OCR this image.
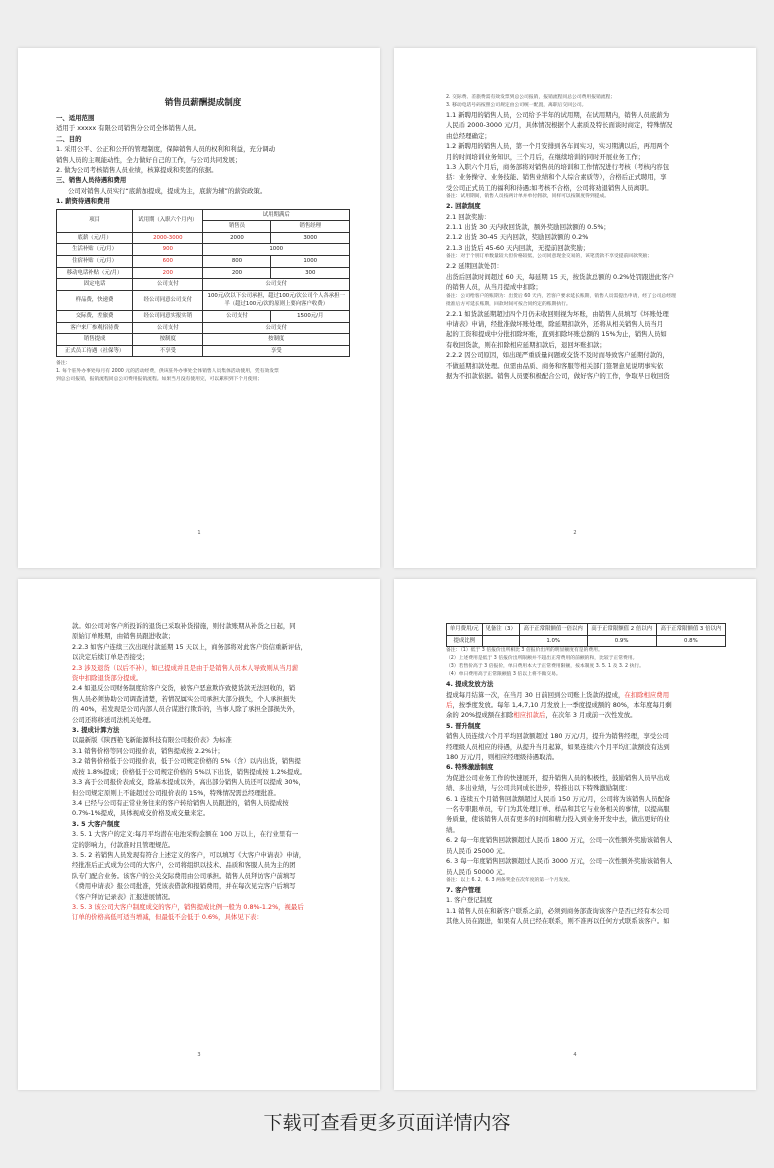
销售员薪酬提成制度

一、适用范围

适用于 xxxxx 有限公司销售分公司全体销售人员。

二、目的

1. 采用公平、公正和公开的管理制度，保障销售人员的权利和利益，充分调动

销售人员的主观能动性，全力做好自己的工作，与公司共同发展；

2. 做为公司考核销售人员业绩，核算提成和奖惩的依据。

三、销售人员待遇和费用

公司对销售人员实行“底薪加提成，提成为主，底薪为辅”的薪资政策。

1. 薪资待遇和费用

项目	试用期（入职六个月内）	试用期满后	
		销售员	销售经理
底薪（元/月）	2000-3000	2000	3000
生活补贴（元/月）	900	1000	
住宿补贴（元/月）	600	800	1000
移动电话补贴（元/月）	200	200	300
固定电话	公司支付	公司支付	
样品费，快递费	经公司同意公司支付	100元/次以下公司承担，超过100元/次公司个人各承担一半（超过100元/次的原则上要向客户收费）	
交际费，差旅费	经公司同意实报实销	公司支付	1500元/月
客户来厂参观招待费	公司支付	公司支付	
销售提成	按制度	按制度	
正式员工待遇（社保等）	不享受	享受	

备注：

1. 每个驻外办事处每月有 2000 元的活动经费，供该驻外办事处全体销售人员集体活动使用，凭有效发票

到总公司报销，报销流程同总公司费用报销流程。如果当月没有使用完，可以累积到下个月使用；

1

2. 交际费、差旅费需有效发票到总公司报销，报销流程同总公司费用报销流程；

3. 移动电话号码按照公司规定由公司统一配置，离职后交回公司。

1.1 新聘用的销售人员，公司给予半年的试用期，在试用期内，销售人员底薪为

人民币 2000-3000 元/月，具体情况根据个人素质及特长面谈时商定，特殊情况

由总经理确定；

1.2 新聘用的销售人员，第一个月安排到各车间实习，实习期满以后，再用两个

月的时间培训业务知识，三个月后，在继续培训的同时开展业务工作；

1.3 入职六个月后，商务部将对销售员的培训和工作情况进行考核（考核内容包

括：业务操守、业务技能、销售业绩和个人综合素质等），合格后正式聘用，享

受公司正式员工的福利和待遇;如考核不合格，公司将劝退销售人员离职。

备注：试用期间，销售人员按两计单并单付佣款，同样可以按制度得到提成。

2. 回款制度

2.1 回款奖励：

2.1.1 出货 30 天内收回货款，额外奖励回款额的 0.5%；

2.1.2 出货 30-45 天内回款，奖励回款额的 0.2%

2.1.3 出货后 45-60 天内回款，无提前回款奖励；

备注：对于个别订单数量较大但价格较低，公司同意现金交易的，该笔货款不享受提前回款奖励；

2.2 延期回款处罚：

出货后回款时间超过 60 天，每延期 15 天，按货款总额的 0.2%处罚跟进此客户

的销售人员，从当月提成中扣除；

备注：公司给客户的账期为：出货后 60 天内，若客户要求延长账期，销售人员需提出申请，经了公司总经理

批准后方可延长账期，回款时间可按合同约定的账期执行。

2.2.1 如货款延期超过四个月仍未收回则视为坏账，由销售人员填写《坏账处理

申请表》申请，经批准做坏账处理，除延期扣款外，还将从相关销售人员当月

起的工资和提成中分批扣除坏账，直到扣除坏账总额的 15%为止，销售人员如

有收回货款，则在扣除相应延期扣款后，退回坏账扣款；

2.2.2 因公司原因，如出现严重质量问题或交货不及时而导致客户延期付款的，

不做延期扣款处理。但需由品质、商务和客服等相关部门签署意见说明事实依

据为不扣款依据。销售人员要积极配合公司，做好客户的工作，争取早日收回货

2

款。如公司对客户所投诉的退货已采取补货措施，则付款账期从补货之日起，同

原始订单账期，由销售员跟进收款；

2.2.3 如客户连续三次出现付款延期 15 天以上，商务部将对此客户资信重新评估，

以决定后续订单是否接受；

2.3 涉及退货（以后不补），如已提成并且是由于是销售人员本人导致则从当月薪

资中扣除退货部分提成。

2.4 如退反公司财务制度给客户交货，被客户恶意欺诈致使货款无法回收的，销

售人员必须协助公司调查清楚，若情况属实公司承担大部分损失，个人承担损失

的 40%，若发现是公司内部人员合谋进行欺诈的，当事人除了承担全部损失外，

公司还将移送司法机关处理。

3. 提成计算方法

以最新版《陕西艳飞新能源科技有限公司报价表》为标准

3.1 销售价格等同公司报价表，销售提成按 2.2%计；

3.2 销售价格低于公司报价表，低于公司规定价格的 5%（含）以内出货，销售提

成按 1.8%提成；价格低于公司规定价格的 5%以下出货，销售提成按 1.2%提成。

3.3 高于公司报价表成交，除基本提成以外，高出部分销售人员还可以提成 30%，

但公司规定原则上不能超过公司报价表的 15%，特殊情况需总经理批准。

3.4 已经与公司有正常业务往来的客户转给销售人员跟进的，销售人员提成按

0.7%-1%提成，具体视成交价格及成交量来定。

3. 5 大客户制度

3. 5. 1 大客户的定义:每月平均潜在电池采购金额在 100 万以上，在行业里有一

定的影响力，付款准时且管理规范。

3. 5. 2 若销售人员发现有符合上述定义的客户，可以填写《大客户申请表》申请，

经批准后正式成为公司的大客户，公司将组织以技术、品质和客服人员为主的团

队专门配合业务。该客户的公关交际费用由公司承担。销售人员拜访客户前填写

《费用申请表》报公司批准，凭该表借款和报销费用，并在每次见完客户后填写

《客户拜访记录表》汇报进展情况。

3. 5. 3 该公司大客户制度成交的客户，销售提成比例一般为 0.8%-1.2%，视最后

订单的价格高低可适当增减，但最低不会低于 0.6%，具体见下表：

3
单月费用/元	见备注（3）	高于正常限额值一倍以内	高于正常限额值 2 倍以内	高于正常限额值 3 倍以内
提成比例		1.0%	0.9%	0.8%

备注：（1）低于 3 倍报价出所相比 3 倍报价出所的明显额度有是的费用。

（2）上述费用是低于 3 倍报价出所限额并不超出正常费用的前额的和，比较于正常费用。

（3）若售价高于 3 倍报价，单日费用本大于正常费用限额，按本制度 3. 5. 1 及 3. 2 执行。

（4）单日费用高于正常限额值 3 倍以上将不做交易。

4. 提成发放方法

提成每月结算一次，在当月 30 日前回到公司账上货款的提成，在扣除相应费用

后，按季度发放。每年 1,4,7,10 月发放上一季度提成额的 80%，本年度每月剩

余的 20%提成额在扣除相应扣款后，在次年 3 月或前一次性发放。

5. 晋升制度

销售人员连续六个月平均回款额超过 180 万元/月，提升为销售经理，享受公司

经理级人员相应的待遇，从提升当月起算，如果连续六个月平均汇款额没有达到

180 万元/月，则相应经理级待遇取消。

6. 特殊激励制度

为促进公司业务工作的快速展开，提升销售人员的积极性，鼓励销售人员早出成

绩、多出业绩，与公司共同成长进步，特推出以下特殊激励制度：

6. 1 连续五个月销售回款额超过人民币 150 万元/月，公司将为该销售人员配备

一名专职跟单员，专门为其处理订单、样品和其它与业务相关的事情，以提高服

务质量，使该销售人员有更多的时间和精力投入到业务开发中去，做出更好的业

绩。

6. 2 每一年度销售回款额超过人民币 1800 万元，公司一次性额外奖励该销售人

员人民币 25000 元。

6. 3 每一年度销售回款额超过人民币 3000 万元，公司一次性额外奖励该销售人

员人民币 50000 元。

备注：以上 6. 2、6. 3 两条奖金在次年度的第一个月发放。

7. 客户管理

1. 客户登记制度

1.1 销售人员在和新客户联系之前，必须到商务部查询该客户是否已经有本公司

其他人员在跟进，如果有人员已经在联系，则不准再以任何方式联系该客户。如

4
下载可查看更多页面详情内容
